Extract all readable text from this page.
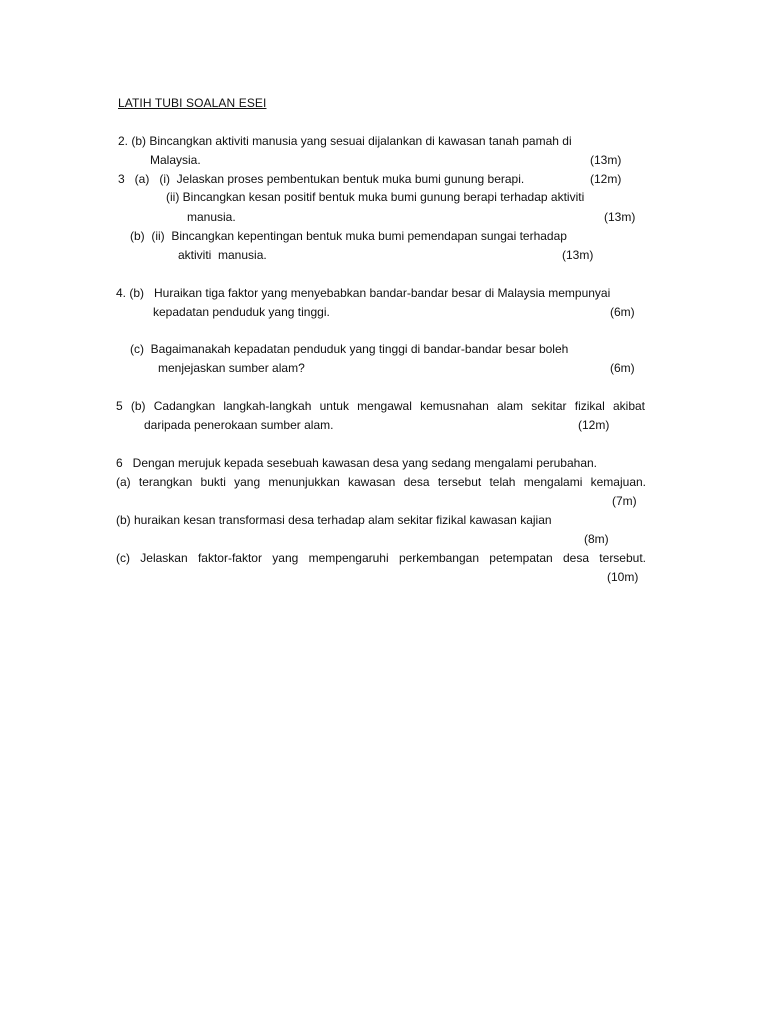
LATIH TUBI SOALAN ESEI
2. (b) Bincangkan aktiviti manusia yang sesuai dijalankan di kawasan tanah pamah di
Malaysia.	(13m)
3   (a)   (i)  Jelaskan proses pembentukan bentuk muka bumi gunung berapi.	(12m)
(ii) Bincangkan kesan positif bentuk muka bumi gunung berapi terhadap aktiviti
manusia.	(13m)
(b)  (ii)  Bincangkan kepentingan bentuk muka bumi pemendapan sungai terhadap
aktiviti  manusia.	(13m)
4. (b)   Huraikan tiga faktor yang menyebabkan bandar-bandar besar di Malaysia mempunyai
kepadatan penduduk yang tinggi.	(6m)
(c)  Bagaimanakah kepadatan penduduk yang tinggi di bandar-bandar besar boleh
menjejaskan sumber alam?	(6m)
5 (b) Cadangkan langkah-langkah untuk mengawal kemusnahan alam sekitar fizikal akibat
daripada penerokaan sumber alam.	(12m)
6   Dengan merujuk kepada sesebuah kawasan desa yang sedang mengalami perubahan.
(a) terangkan bukti yang menunjukkan kawasan desa tersebut telah mengalami kemajuan.
(7m)
(b) huraikan kesan transformasi desa terhadap alam sekitar fizikal kawasan kajian
(8m)
(c) Jelaskan faktor-faktor yang mempengaruhi perkembangan petempatan desa tersebut.
(10m)
